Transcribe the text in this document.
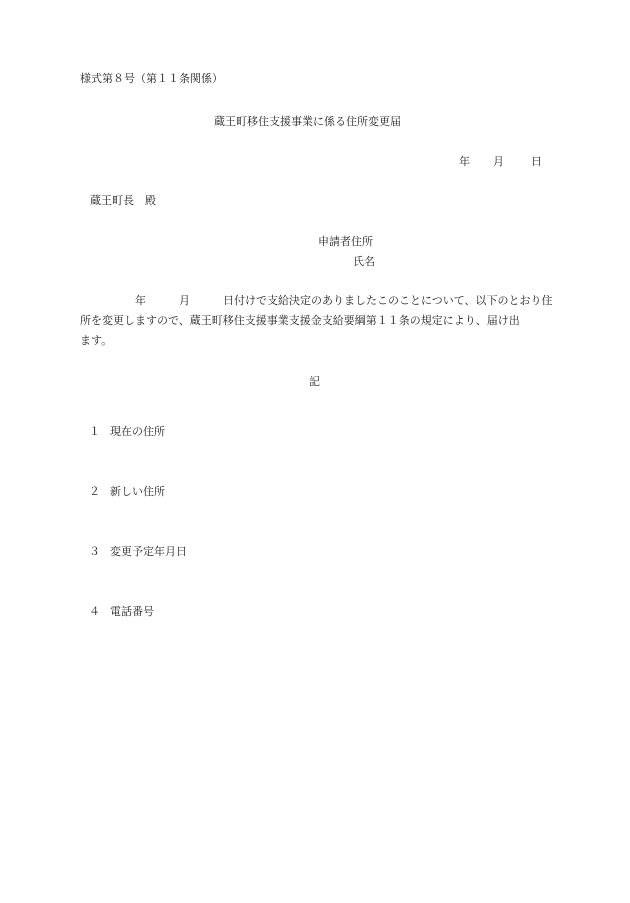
様式第８号（第１１条関係）
蔵王町移住支援事業に係る住所変更届
年 月 日
蔵王町長　殿
申請者住所
氏名
　　　　　年　　　月　　　日付けで支給決定のありましたこのことについて、以下のとおり住
所を変更しますので、蔵王町移住支援事業支援金支給要綱第１１条の規定により、届け出
ます。
記

１ 現在の住所

２ 新しい住所

３ 変更予定年月日

４ 電話番号
